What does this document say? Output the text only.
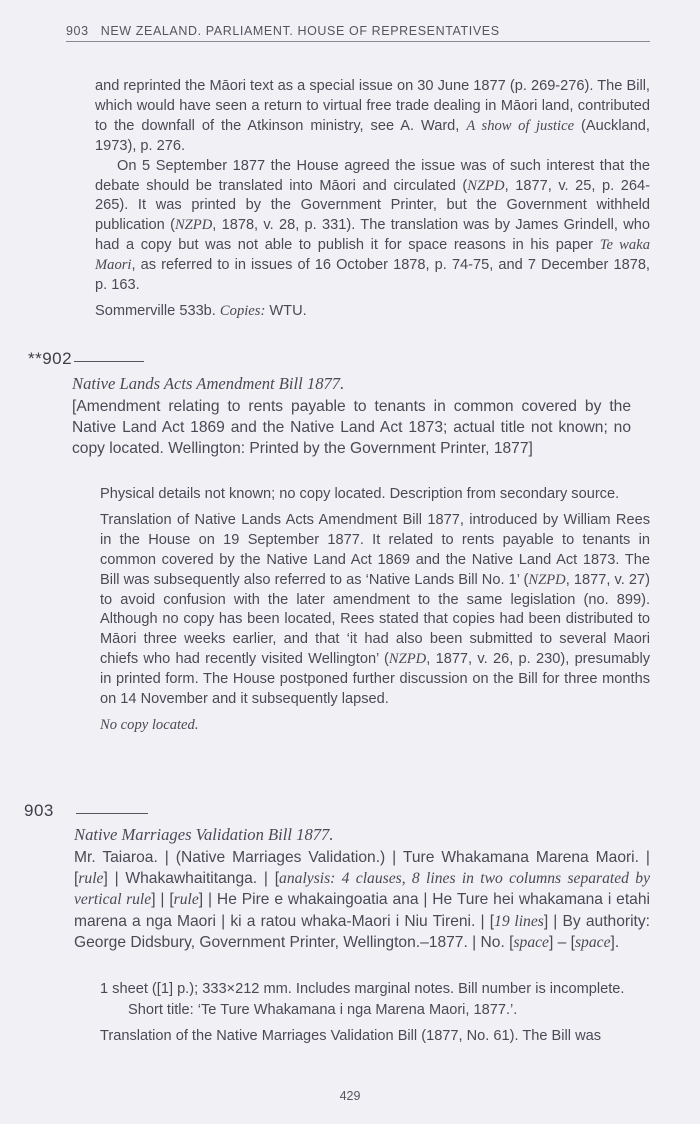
903 NEW ZEALAND. PARLIAMENT. HOUSE OF REPRESENTATIVES

and reprinted the Māori text as a special issue on 30 June 1877 (p. 269-276). The Bill, which would have seen a return to virtual free trade dealing in Māori land, contributed to the downfall of the Atkinson ministry, see A. Ward, A show of justice (Auckland, 1973), p. 276.

On 5 September 1877 the House agreed the issue was of such interest that the debate should be translated into Māori and circulated (NZPD, 1877, v. 25, p. 264-265). It was printed by the Government Printer, but the Government withheld publication (NZPD, 1878, v. 28, p. 331). The translation was by James Grindell, who had a copy but was not able to publish it for space reasons in his paper Te waka Maori, as referred to in issues of 16 October 1878, p. 74-75, and 7 December 1878, p. 163.

Sommerville 533b. Copies: WTU.

**902
Native Lands Acts Amendment Bill 1877.

[Amendment relating to rents payable to tenants in common covered by the Native Land Act 1869 and the Native Land Act 1873; actual title not known; no copy located. Wellington: Printed by the Government Printer, 1877]

Physical details not known; no copy located. Description from secondary source.

Translation of Native Lands Acts Amendment Bill 1877, introduced by William Rees in the House on 19 September 1877. It related to rents payable to tenants in common covered by the Native Land Act 1869 and the Native Land Act 1873. The Bill was subsequently also referred to as ‘Native Lands Bill No. 1’ (NZPD, 1877, v. 27) to avoid confusion with the later amendment to the same legislation (no. 899). Although no copy has been located, Rees stated that copies had been distributed to Māori three weeks earlier, and that ‘it had also been submitted to several Maori chiefs who had recently visited Wellington’ (NZPD, 1877, v. 26, p. 230), presumably in printed form. The House postponed further discussion on the Bill for three months on 14 November and it subsequently lapsed.

No copy located.

903
Native Marriages Validation Bill 1877.

Mr. Taiaroa. | (Native Marriages Validation.) | Ture Whakamana Marena Maori. | [rule] | Whakawhaititanga. | [analysis: 4 clauses, 8 lines in two columns separated by vertical rule] | [rule] | He Pire e whakaingoatia ana | He Ture hei whakamana i etahi marena a nga Maori | ki a ratou whaka-Maori i Niu Tireni. | [19 lines] | By authority: George Didsbury, Government Printer, Wellington.–1877. | No. [space] – [space].

1 sheet ([1] p.); 333×212 mm. Includes marginal notes. Bill number is incomplete.

Short title: ‘Te Ture Whakamana i nga Marena Maori, 1877.’.

Translation of the Native Marriages Validation Bill (1877, No. 61). The Bill was

429
